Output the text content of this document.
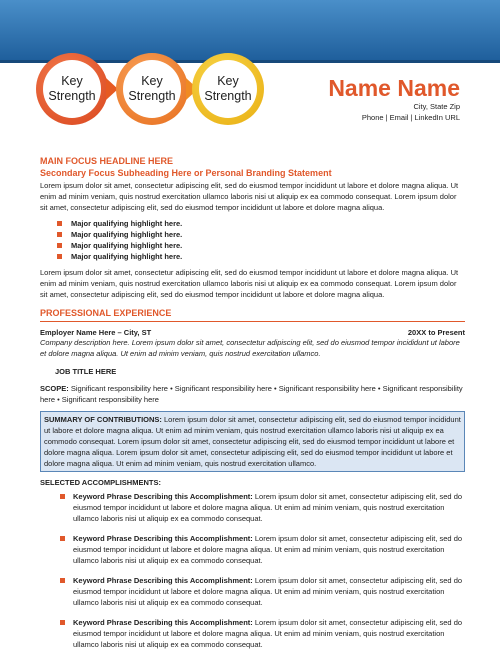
Key Strength
Key Strength
Key Strength	Name Name
City, State Zip
Phone | Email | LinkedIn URL
MAIN FOCUS HEADLINE HERE
Secondary Focus Subheading Here or Personal Branding Statement

Lorem ipsum dolor sit amet, consectetur adipiscing elit, sed do eiusmod tempor incididunt ut labore et dolore magna aliqua. Ut enim ad minim veniam, quis nostrud exercitation ullamco laboris nisi ut aliquip ex ea commodo consequat. Lorem ipsum dolor sit amet, consectetur adipiscing elit, sed do eiusmod tempor incididunt ut labore et dolore magna aliqua.

Major qualifying highlight here.
Major qualifying highlight here.
Major qualifying highlight here.
Major qualifying highlight here.

Lorem ipsum dolor sit amet, consectetur adipiscing elit, sed do eiusmod tempor incididunt ut labore et dolore magna aliqua. Ut enim ad minim veniam, quis nostrud exercitation ullamco laboris nisi ut aliquip ex ea commodo consequat. Lorem ipsum dolor sit amet, consectetur adipiscing elit, sed do eiusmod tempor incididunt ut labore et dolore magna aliqua.

PROFESSIONAL EXPERIENCE
Employer Name Here – City, ST	20XX to Present
Company description here. Lorem ipsum dolor sit amet, consectetur adipiscing elit, sed do eiusmod tempor incididunt ut labore et dolore magna aliqua. Ut enim ad minim veniam, quis nostrud exercitation ullamco.
JOB TITLE HERE

SCOPE: Significant responsibility here • Significant responsibility here • Significant responsibility here • Significant responsibility here • Significant responsibility here

SUMMARY OF CONTRIBUTIONS: Lorem ipsum dolor sit amet, consectetur adipiscing elit, sed do eiusmod tempor incididunt ut labore et dolore magna aliqua. Ut enim ad minim veniam, quis nostrud exercitation ullamco laboris nisi ut aliquip ex ea commodo consequat. Lorem ipsum dolor sit amet, consectetur adipiscing elit, sed do eiusmod tempor incididunt ut labore et dolore magna aliqua. Lorem ipsum dolor sit amet, consectetur adipiscing elit, sed do eiusmod tempor incididunt ut labore et dolore magna aliqua. Ut enim ad minim veniam, quis nostrud exercitation ullamco.
SELECTED ACCOMPLISHMENTS:
Keyword Phrase Describing this Accomplishment: Lorem ipsum dolor sit amet, consectetur adipiscing elit, sed do eiusmod tempor incididunt ut labore et dolore magna aliqua. Ut enim ad minim veniam, quis nostrud exercitation ullamco laboris nisi ut aliquip ex ea commodo consequat.
Keyword Phrase Describing this Accomplishment: Lorem ipsum dolor sit amet, consectetur adipiscing elit, sed do eiusmod tempor incididunt ut labore et dolore magna aliqua. Ut enim ad minim veniam, quis nostrud exercitation ullamco laboris nisi ut aliquip ex ea commodo consequat.
Keyword Phrase Describing this Accomplishment: Lorem ipsum dolor sit amet, consectetur adipiscing elit, sed do eiusmod tempor incididunt ut labore et dolore magna aliqua. Ut enim ad minim veniam, quis nostrud exercitation ullamco laboris nisi ut aliquip ex ea commodo consequat.
Keyword Phrase Describing this Accomplishment: Lorem ipsum dolor sit amet, consectetur adipiscing elit, sed do eiusmod tempor incididunt ut labore et dolore magna aliqua. Ut enim ad minim veniam, quis nostrud exercitation ullamco laboris nisi ut aliquip ex ea commodo consequat.
